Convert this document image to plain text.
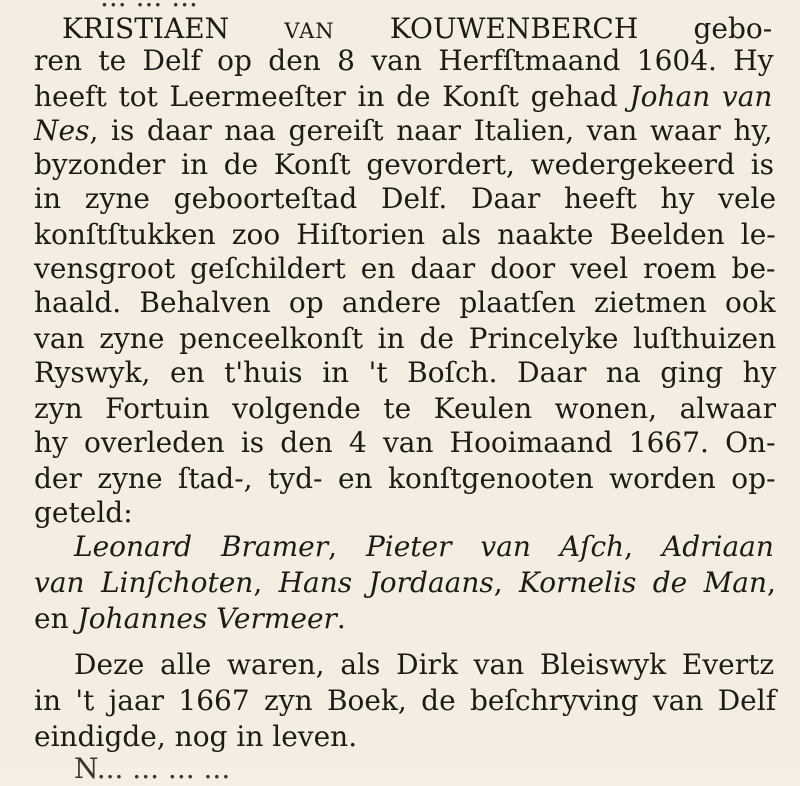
KRISTIAEN VAN KOUWENBERCH gebo-
ren te Delf op den 8 van Herfſtmaand 1604. Hy
heeft tot Leermeeſter in de Konſt gehad Johan van
Nes, is daar naa gereiſt naar Italien, van waar hy,
byzonder in de Konſt gevordert, wedergekeerd is
in zyne geboorteſtad Delf. Daar heeft hy vele
konſtſtukken zoo Hiſtorien als naakte Beelden le-
vensgroot geſchildert en daar door veel roem be-
haald. Behalven op andere plaatſen zietmen ook
van zyne penceelkonſt in de Princelyke luſthuizen
Ryswyk, en t'huis in 't Boſch. Daar na ging hy
zyn Fortuin volgende te Keulen wonen, alwaar
hy overleden is den 4 van Hooimaand 1667. On-
der zyne ſtad-, tyd- en konſtgenooten worden op-
geteld:
Leonard Bramer, Pieter van Aſch, Adriaan
van Linſchoten, Hans Jordaans, Kornelis de Man,
en Johannes Vermeer.
Deze alle waren, als Dirk van Bleiswyk Evertz
in 't jaar 1667 zyn Boek, de beſchryving van Delf
eindigde, nog in leven.
N... ... ... ...
